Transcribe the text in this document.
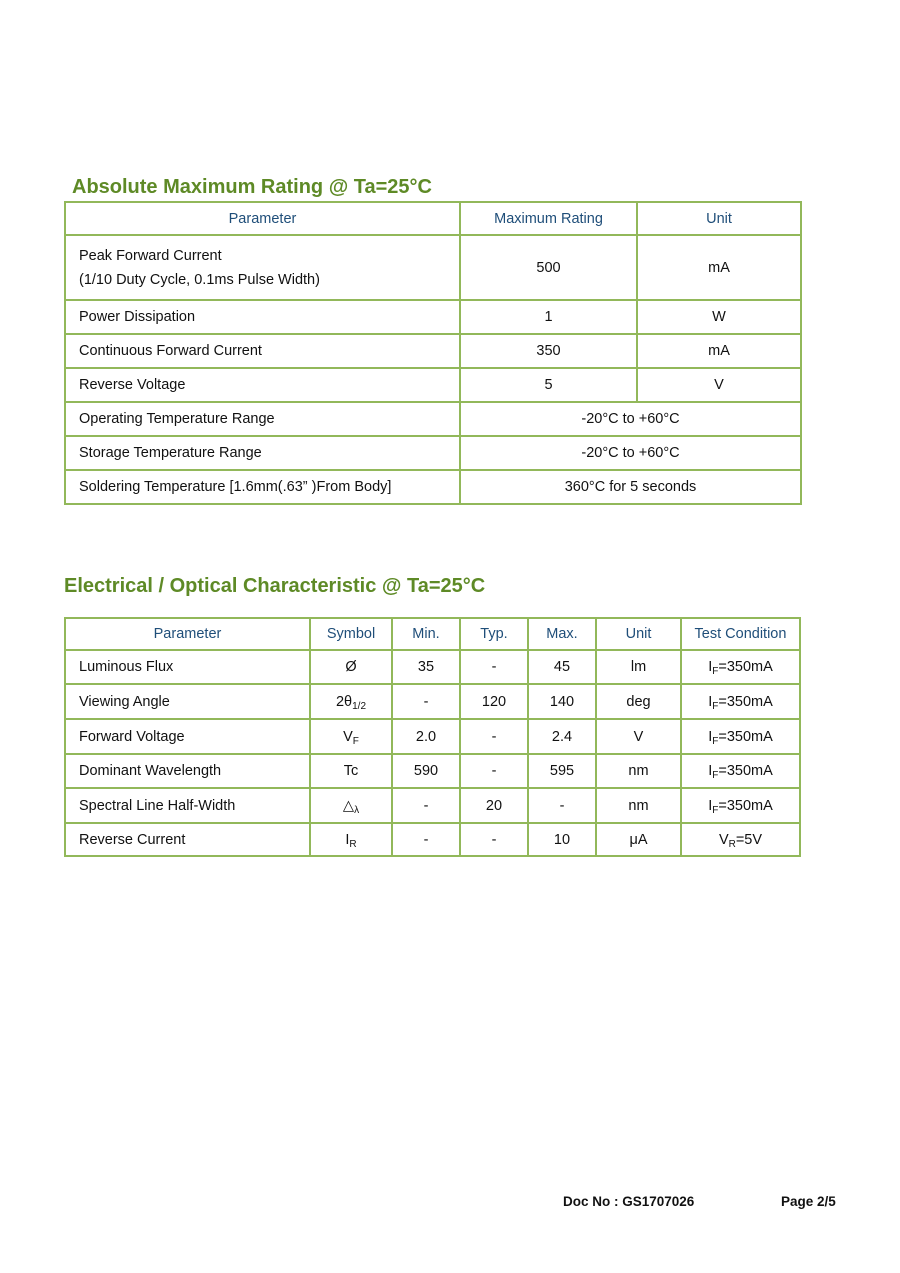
Absolute Maximum Rating @ Ta=25°C
Parameter	Maximum Rating	Unit
Peak Forward Current
(1/10 Duty Cycle, 0.1ms Pulse Width)	500	mA
Power Dissipation	1	W
Continuous Forward Current	350	mA
Reverse Voltage	5	V
Operating Temperature Range	-20°C to +60°C	
Storage Temperature Range	-20°C to +60°C	
Soldering Temperature [1.6mm(.63” )From Body]	360°C for 5 seconds	
Electrical / Optical Characteristic @ Ta=25°C
Parameter	Symbol	Min.	Typ.	Max.	Unit	Test Condition
Luminous Flux	Ø	35	-	45	lm	$I_F=350mA$
Viewing Angle	$2\theta_{1/2}$	-	120	140	deg	$I_F=350mA$
Forward Voltage	$V_F$	2.0	-	2.4	V	$I_F=350mA$
Dominant Wavelength	Tc	590	-	595	nm	$I_F=350mA$
Spectral Line Half-Width	$\triangle_\lambda$	-	20	-	nm	$I_F=350mA$
Reverse Current	$I_R$	-	-	10	μA	$V_R=5V$
Doc No : GS1707026	Page 2/5
